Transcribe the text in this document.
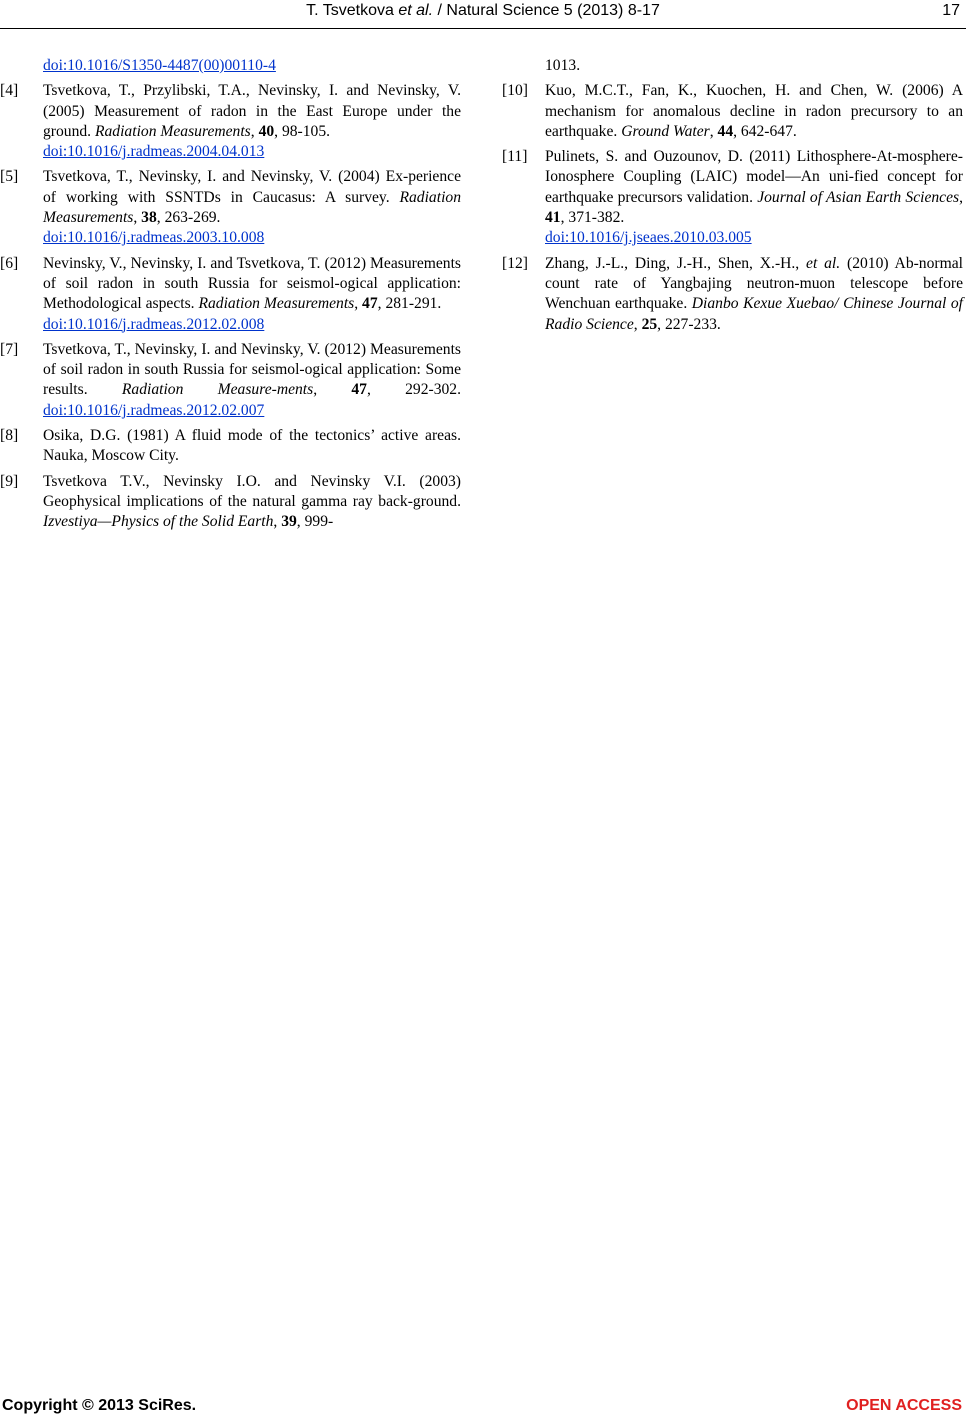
T. Tsvetkova et al. / Natural Science 5 (2013) 8-17	17
doi:10.1016/S1350-4487(00)00110-4
[4] Tsvetkova, T., Przylibski, T.A., Nevinsky, I. and Nevinsky, V. (2005) Measurement of radon in the East Europe under the ground. Radiation Measurements, 40, 98-105.
doi:10.1016/j.radmeas.2004.04.013
[5] Tsvetkova, T., Nevinsky, I. and Nevinsky, V. (2004) Ex-perience of working with SSNTDs in Caucasus: A survey. Radiation Measurements, 38, 263-269.
doi:10.1016/j.radmeas.2003.10.008
[6] Nevinsky, V., Nevinsky, I. and Tsvetkova, T. (2012) Measurements of soil radon in south Russia for seismol-ogical application: Methodological aspects. Radiation Measurements, 47, 281-291.
doi:10.1016/j.radmeas.2012.02.008
[7] Tsvetkova, T., Nevinsky, I. and Nevinsky, V. (2012) Measurements of soil radon in south Russia for seismol-ogical application: Some results. Radiation Measure-ments, 47, 292-302. doi:10.1016/j.radmeas.2012.02.007
[8] Osika, D.G. (1981) A fluid mode of the tectonics’ active areas. Nauka, Moscow City.
[9] Tsvetkova T.V., Nevinsky I.O. and Nevinsky V.I. (2003) Geophysical implications of the natural gamma ray back-ground. Izvestiya—Physics of the Solid Earth, 39, 999-
1013.
[10] Kuo, M.C.T., Fan, K., Kuochen, H. and Chen, W. (2006) A mechanism for anomalous decline in radon precursory to an earthquake. Ground Water, 44, 642-647.
[11] Pulinets, S. and Ouzounov, D. (2011) Lithosphere-At-mosphere-Ionosphere Coupling (LAIC) model—An uni-fied concept for earthquake precursors validation. Journal of Asian Earth Sciences, 41, 371-382.
doi:10.1016/j.jseaes.2010.03.005
[12] Zhang, J.-L., Ding, J.-H., Shen, X.-H., et al. (2010) Ab-normal count rate of Yangbajing neutron-muon telescope before Wenchuan earthquake. Dianbo Kexue Xuebao/ Chinese Journal of Radio Science, 25, 227-233.
Copyright © 2013 SciRes.	OPEN ACCESS
